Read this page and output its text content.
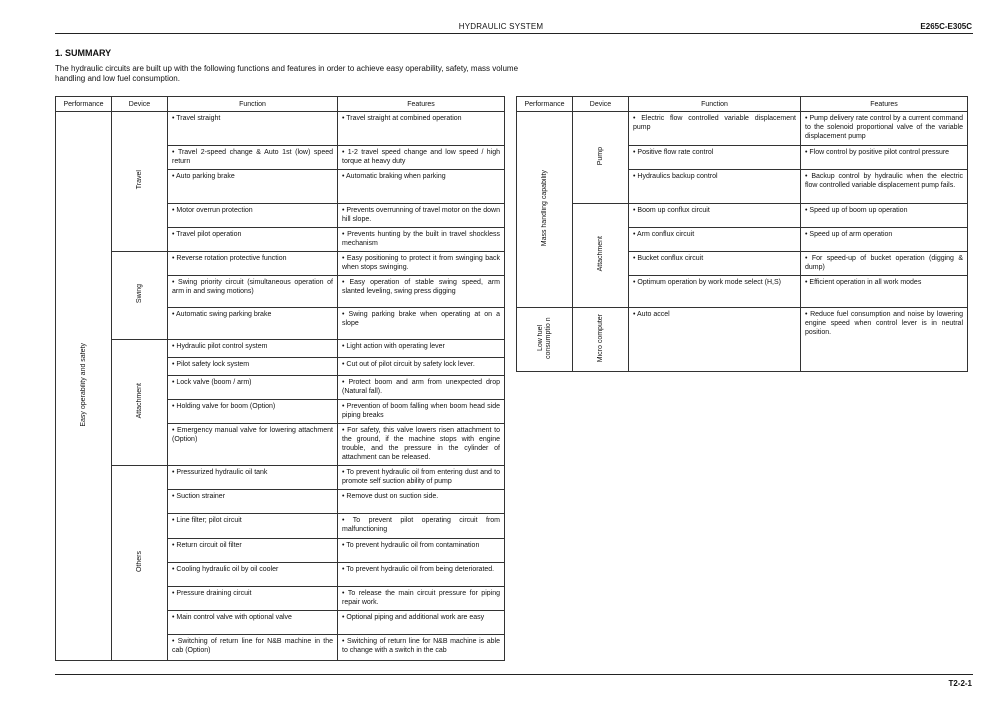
HYDRAULIC SYSTEM	E265C-E305C
1. SUMMARY
The hydraulic circuits are built up with the following functions and features in order to achieve easy operability, safety, mass volume handling and low fuel consumption.
Performance	Device	Function	Features
Easy operability and safety	Travel	• Travel straight	• Travel straight at combined operation
		• Travel 2-speed change & Auto 1st (low) speed return	• 1-2 travel speed change and low speed / high torque at heavy duty
		• Auto parking brake	• Automatic braking when parking
		• Motor overrun protection	• Prevents overrunning of travel motor on the down hill slope.
		• Travel pilot operation	• Prevents hunting by the built in travel shockless mechanism
	Swing	• Reverse rotation protective function	• Easy positioning to protect it from swinging back when stops swinging.
		• Swing priority circuit (simultaneous operation of arm in and swing motions)	• Easy operation of stable swing speed, arm slanted leveling, swing press digging
		• Automatic swing parking brake	• Swing parking brake when operating at on a slope
	Attachment	• Hydraulic pilot control system	• Light action with operating lever
		• Pilot safety lock system	• Cut out of pilot circuit by safety lock lever.
		• Lock valve (boom / arm)	• Protect boom and arm from unexpected drop (Natural fall).
		• Holding valve for boom (Option)	• Prevention of boom falling when boom head side piping breaks
		• Emergency manual valve for lowering attachment (Option)	• For safety, this valve lowers risen attachment to the ground, if the machine stops with engine trouble, and the pressure in the cylinder of attachment can be released.
	Others	• Pressurized hydraulic oil tank	• To prevent hydraulic oil from entering dust and to promote self suction ability of pump
		• Suction strainer	• Remove dust on suction side.
		• Line filter; pilot circuit	• To prevent pilot operating circuit from malfunctioning
		• Return circuit oil filter	• To prevent hydraulic oil from contamination
		• Cooling hydraulic oil by oil cooler	• To prevent hydraulic oil from being deteriorated.
		• Pressure draining circuit	• To release the main circuit pressure for piping repair work.
		• Main control valve with optional valve	• Optional piping and additional work are easy
		• Switching of return line for N&B machine in the cab (Option)	• Switching of return line for N&B machine is able to change with a switch in the cab
Performance	Device	Function	Features
Mass handling capability	Pump	• Electric flow controlled variable displacement pump	• Pump delivery rate control by a current command to the solenoid proportional valve of the variable displacement pump
		• Positive flow rate control	• Flow control by positive pilot control pressure
		• Hydraulics backup control	• Backup control by hydraulic when the electric flow controlled variable displacement pump fails.
	Attachment	• Boom up conflux circuit	• Speed up of boom up operation
		• Arm conflux circuit	• Speed up of arm operation
		• Bucket conflux circuit	• For speed-up of bucket operation (digging & dump)
		• Optimum operation by work mode select (H,S)	• Efficient operation in all work modes
Low fuel consumptio n	Micro computer	• Auto accel	• Reduce fuel consumption and noise by lowering engine speed when control lever is in neutral position.
T2-2-1
